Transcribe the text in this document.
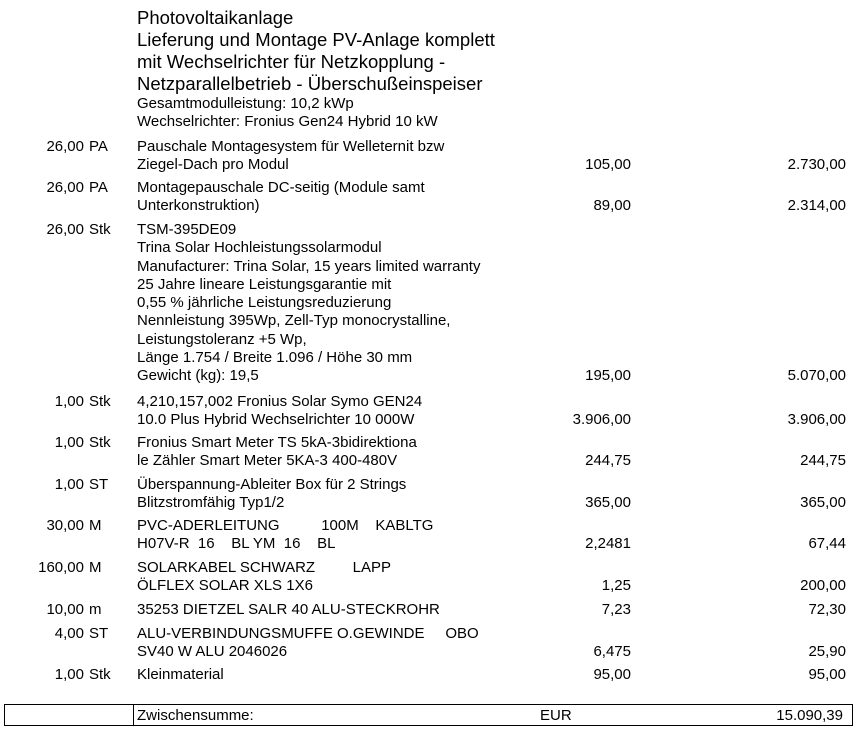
Photovoltaikanlage
Lieferung und Montage PV-Anlage komplett
mit Wechselrichter für Netzkopplung -
Netzparallelbetrieb - Überschußeinspeiser
Gesamtmodulleistung: 10,2 kWp
Wechselrichter: Fronius Gen24 Hybrid 10 kW
26,00 PA Pauschale Montagesystem für Welleternit bzw
Ziegel-Dach pro Modul	105,00	2.730,00
26,00 PA Montagepauschale DC-seitig (Module samt
Unterkonstruktion)	89,00	2.314,00
26,00 Stk TSM-395DE09
Trina Solar Hochleistungssolarmodul
Manufacturer: Trina Solar, 15 years limited warranty
25 Jahre lineare Leistungsgarantie mit
0,55 % jährliche Leistungsreduzierung
Nennleistung 395Wp, Zell-Typ monocrystalline,
Leistungstoleranz +5 Wp,
Länge 1.754 / Breite 1.096 / Höhe 30 mm
Gewicht (kg): 19,5	195,00	5.070,00
1,00 Stk 4,210,157,002 Fronius Solar Symo GEN24
10.0 Plus Hybrid Wechselrichter 10 000W	3.906,00	3.906,00
1,00 Stk Fronius Smart Meter TS 5kA-3bidirektiona
le Zähler Smart Meter 5KA-3 400-480V	244,75	244,75
1,00 ST Überspannung-Ableiter Box für 2 Strings
Blitzstromfähig Typ1/2	365,00	365,00
30,00 M PVC-ADERLEITUNG          100M    KABLTG
H07V-R  16    BL YM  16    BL	2,2481	67,44
160,00 M SOLARKABEL SCHWARZ         LAPP
ÖLFLEX SOLAR XLS 1X6	1,25	200,00
10,00 m 35253 DIETZEL SALR 40 ALU-STECKROHR	7,23	72,30
4,00 ST ALU-VERBINDUNGSMUFFE O.GEWINDE     OBO
SV40 W ALU 2046026	6,475	25,90
1,00 Stk Kleinmaterial	95,00	95,00
Zwischensumme:	EUR	15.090,39
